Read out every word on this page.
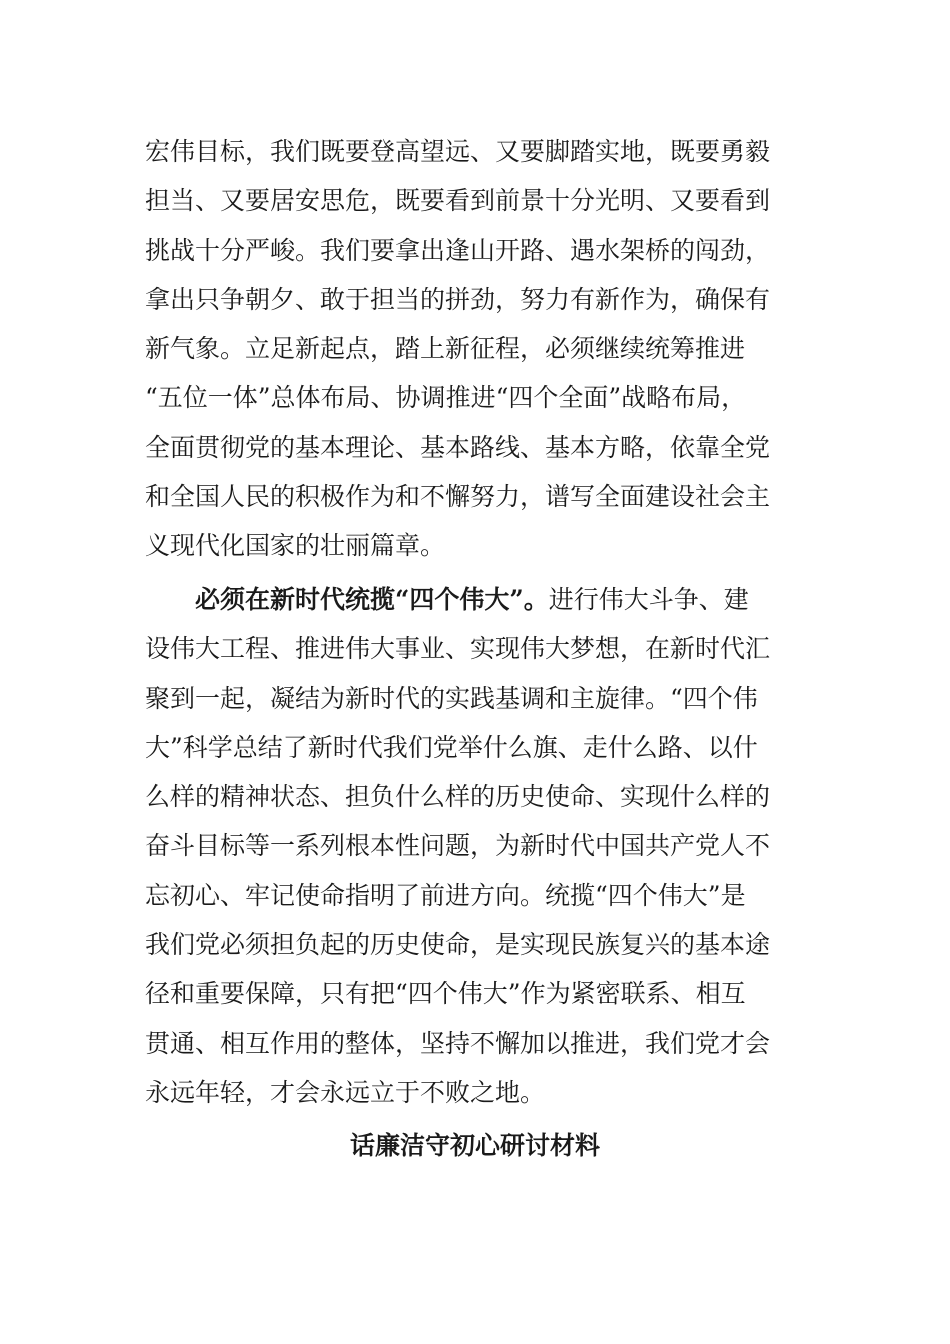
宏伟目标，我们既要登高望远、又要脚踏实地，既要勇毅
担当、又要居安思危，既要看到前景十分光明、又要看到
挑战十分严峻。我们要拿出逢山开路、遇水架桥的闯劲，
拿出只争朝夕、敢于担当的拼劲，努力有新作为，确保有
新气象。立足新起点，踏上新征程，必须继续统筹推进
“五位一体”总体布局、协调推进“四个全面”战略布局，
全面贯彻党的基本理论、基本路线、基本方略，依靠全党
和全国人民的积极作为和不懈努力，谱写全面建设社会主
义现代化国家的壮丽篇章。
必须在新时代统揽“四个伟大”。进行伟大斗争、建
设伟大工程、推进伟大事业、实现伟大梦想，在新时代汇
聚到一起，凝结为新时代的实践基调和主旋律。“四个伟
大”科学总结了新时代我们党举什么旗、走什么路、以什
么样的精神状态、担负什么样的历史使命、实现什么样的
奋斗目标等一系列根本性问题，为新时代中国共产党人不
忘初心、牢记使命指明了前进方向。统揽“四个伟大”是
我们党必须担负起的历史使命，是实现民族复兴的基本途
径和重要保障，只有把“四个伟大”作为紧密联系、相互
贯通、相互作用的整体，坚持不懈加以推进，我们党才会
永远年轻，才会永远立于不败之地。
话廉洁守初心研讨材料
